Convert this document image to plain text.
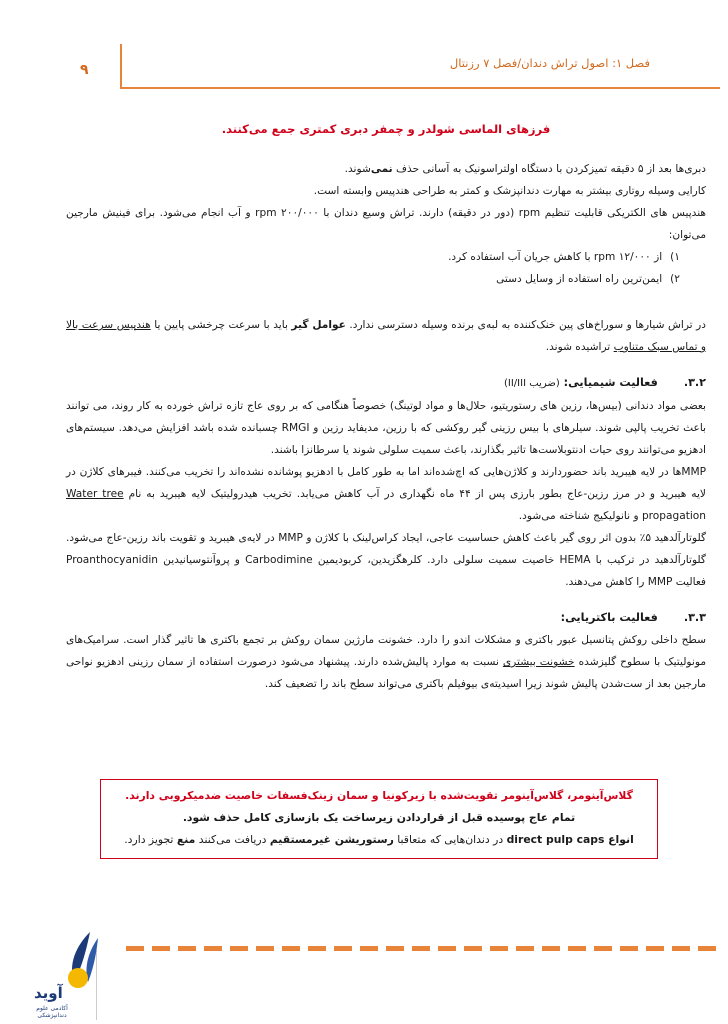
فصل ۱: اصول تراش دندان/فصل ۷ رزنتال
۹

فرزهای الماسی شولدر و چمفر دبری کمتری جمع می‌کنند.

دبری‌ها بعد از ۵ دقیقه تمیزکردن با دستگاه اولتراسونیک به آسانی حذف نمی‌شوند.

کارایی وسیله روتاری بیشتر به مهارت دندانپزشک و کمتر به طراحی هندپیس وابسته است.

هندپیس های الکتریکی قابلیت تنظیم rpm (دور در دقیقه) دارند. تراش وسیع دندان با rpm ۲۰۰/۰۰۰ و آب انجام می‌شود. برای فینیش مارجین می‌توان:

۱)
از rpm ۱۲/۰۰۰ با کاهش جریان آب استفاده کرد.
۲)
ایمن‌ترین راه استفاده از وسایل دستی

در تراش شیارها و سوراخ‌های پین خنک‌کننده به لبه‌ی برنده وسیله دسترسی ندارد. عوامل گیر باید با سرعت چرخشی پایین یا هندپیس سرعت بالا و تماس سبک متناوب تراشیده شوند.

۳.۲.فعالیت شیمیایی: (ضریب II/III)

بعضی مواد دندانی (بیس‌ها، رزین های رستوریتیو، حلال‌ها و مواد لوتینگ) خصوصاً هنگامی که بر روی عاج تازه تراش خورده به کار روند، می توانند باعث تخریب پالپی شوند. سیلرهای با بیس رزینی گیر روکشی که با رزین، مدیفاید رزین و RMGI چسبانده شده باشد افزایش می‌دهد. سیستم‌های ادهزیو می‌توانند روی حیات ادنتوبلاست‌ها تاثیر بگذارند، باعث سمیت سلولی شوند یا سرطانزا باشند.

MMPها در لایه هیبرید باند حضوردارند و کلاژن‌هایی که اچ‌شده‌اند اما به طور کامل با ادهزیو پوشانده نشده‌اند را تخریب می‌کنند. فیبرهای کلاژن در لایه هیبرید و در مرز رزین-عاج بطور بارزی پس از ۴۴ ماه نگهداری در آب کاهش می‌یابد. تخریب هیدرولیتیک لایه هیبرید به نام Water tree propagation و نانولیکیج شناخته می‌شود.

گلوتارآلدهید ۵٪ بدون اثر روی گیر باعث کاهش حساسیت عاجی، ایجاد کراس‌لینک با کلاژن و MMP در لایه‌ی هیبرید و تقویت باند رزین-عاج می‌شود. گلوتارآلدهید در ترکیب با HEMA خاصیت سمیت سلولی دارد. کلرهگزیدین، کربودیمین Carbodimine و پروآنتوسیانیدین Proanthocyanidin فعالیت MMP را کاهش می‌دهند.

۳.۳.فعالیت باکتریایی:

سطح داخلی روکش پتانسیل عبور باکتری و مشکلات اندو را دارد. خشونت مارژین سمان روکش بر تجمع باکتری ها تاثیر گذار است. سرامیک‌های مونولیتیک با سطوح گلیزشده خشونت بیشتری نسبت به موارد پالیش‌شده دارند. پیشنهاد می‌شود درصورت استفاده از سمان رزینی ادهزیو نواحی مارجین بعد از ست‌شدن پالیش شوند زیرا اسیدیته‌ی بیوفیلم باکتری می‌تواند سطح باند را تضعیف کند.

گلاس‌آینومر، گلاس‌آینومر تقویت‌شده با زیرکونیا و سمان زینک‌فسفات خاصیت ضدمیکروبی دارند.
تمام عاج پوسیده قبل از قراردادن زیرساخت یک بازسازی کامل حذف شود.
انواع direct pulp caps در دندان‌هایی که متعاقبا رستوریشن غیرمستقیم دریافت می‌کنند منع تجویز دارد.
آوید
آکادمی علوم دندانپزشکی
